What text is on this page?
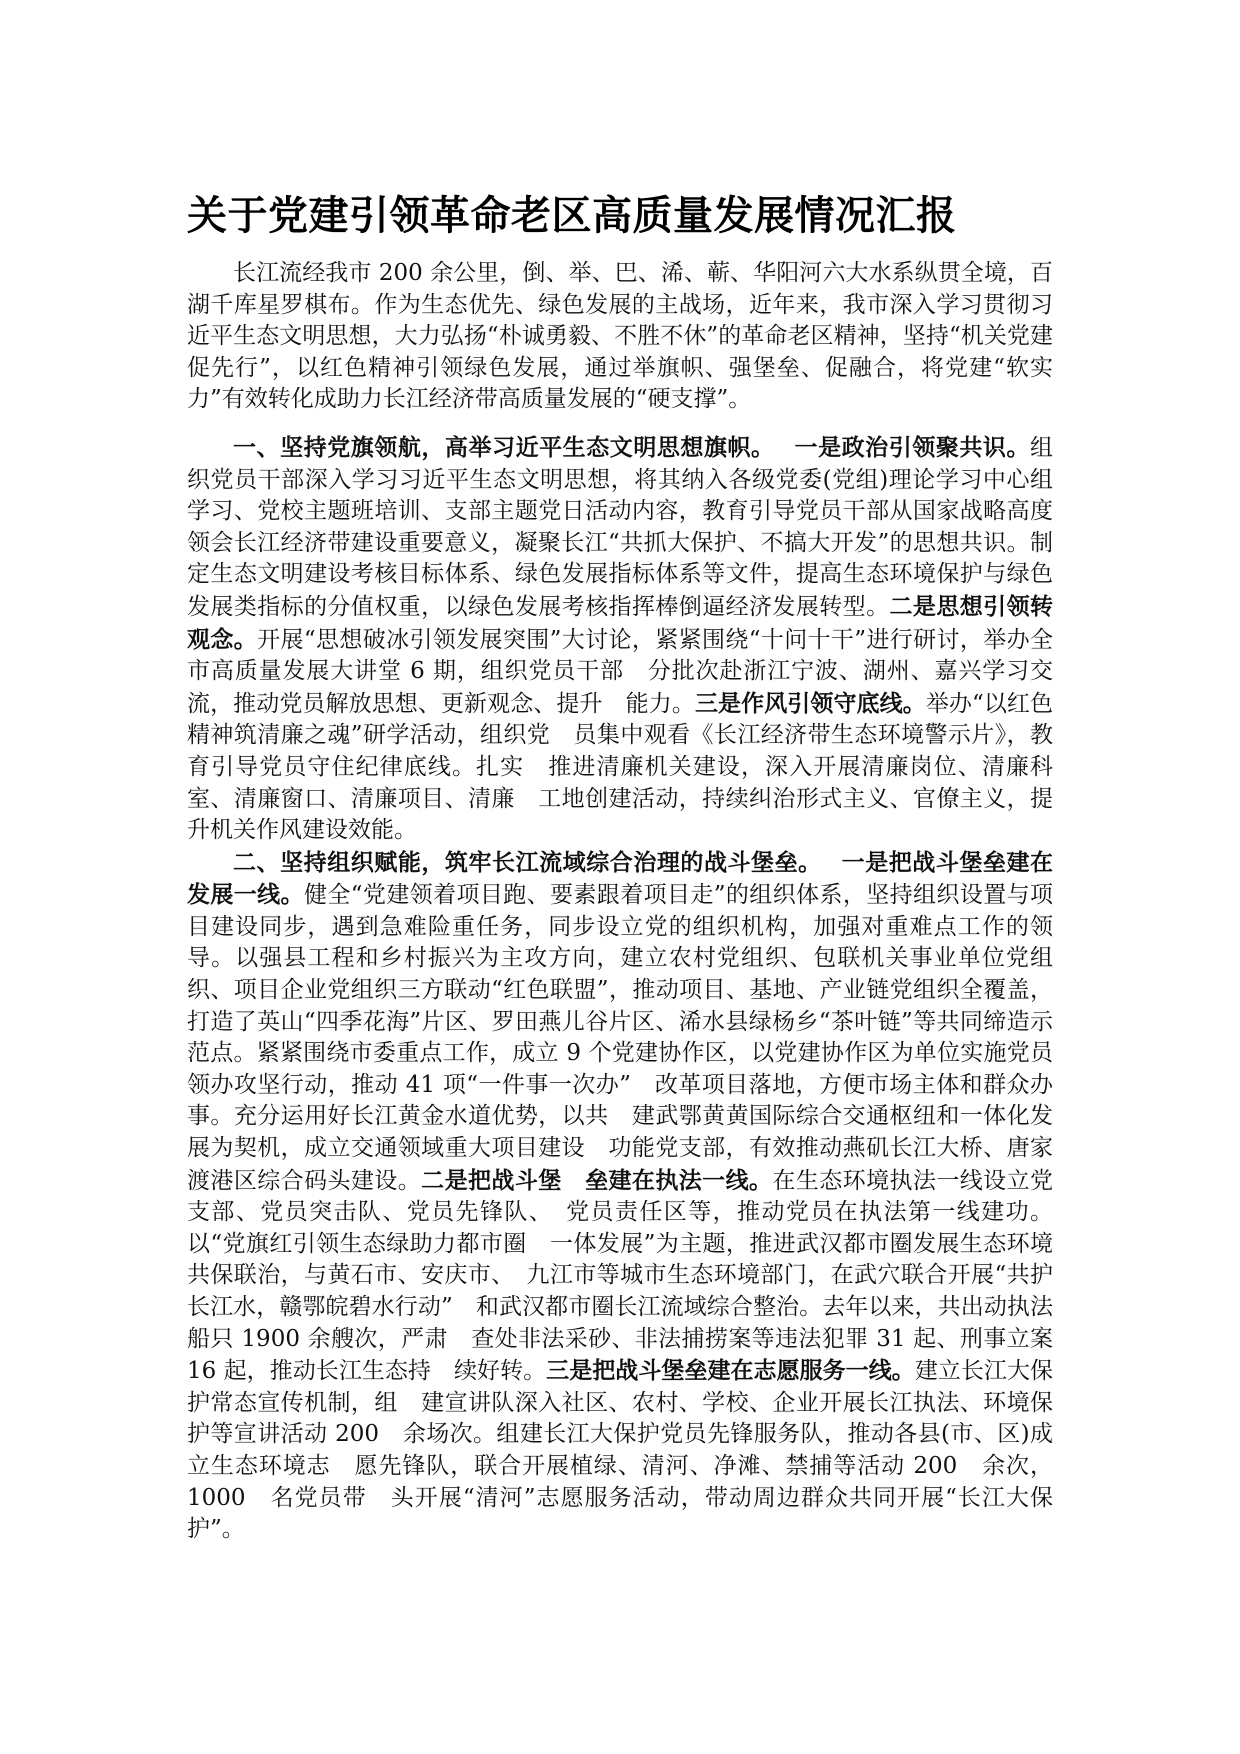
关于党建引领革命老区高质量发展情况汇报

长江流经我市 200 余公里，倒、举、巴、浠、蕲、华阳河六大水系纵贯全境，百湖千库星罗棋布。作为生态优先、绿色发展的主战场，近年来，我市深入学习贯彻习近平生态文明思想，大力弘扬“朴诚勇毅、不胜不休”的革命老区精神，坚持“机关党建促先行”，以红色精神引领绿色发展，通过举旗帜、强堡垒、促融合，将党建“软实力”有效转化成助力长江经济带高质量发展的“硬支撑”。

一、坚持党旗领航，高举习近平生态文明思想旗帜。　 一是政治引领聚共识。组织党员干部深入学习习近平生态文明思想，将其纳入各级党委(党组)理论学习中心组学习、党校主题班培训、支部主题党日活动内容，教育引导党员干部从国家战略高度领会长江经济带建设重要意义，凝聚长江“共抓大保护、不搞大开发”的思想共识。制定生态文明建设考核目标体系、绿色发展指标体系等文件，提高生态环境保护与绿色发展类指标的分值权重，以绿色发展考核指挥棒倒逼经济发展转型。二是思想引领转观念。开展“思想破冰引领发展突围”大讨论，紧紧围绕“十问十干”进行研讨，举办全市高质量发展大讲堂 6 期，组织党员干部　分批次赴浙江宁波、湖州、嘉兴学习交流，推动党员解放思想、更新观念、提升　能力。三是作风引领守底线。举办“以红色精神筑清廉之魂”研学活动，组织党　员集中观看《长江经济带生态环境警示片》，教育引导党员守住纪律底线。扎实　推进清廉机关建设，深入开展清廉岗位、清廉科室、清廉窗口、清廉项目、清廉　工地创建活动，持续纠治形式主义、官僚主义，提升机关作风建设效能。

二、坚持组织赋能，筑牢长江流域综合治理的战斗堡垒。　 一是把战斗堡垒建在发展一线。健全“党建领着项目跑、要素跟着项目走”的组织体系，坚持组织设置与项目建设同步，遇到急难险重任务，同步设立党的组织机构，加强对重难点工作的领导。以强县工程和乡村振兴为主攻方向，建立农村党组织、包联机关事业单位党组织、项目企业党组织三方联动“红色联盟”，推动项目、基地、产业链党组织全覆盖，打造了英山“四季花海”片区、罗田燕儿谷片区、浠水县绿杨乡“茶叶链”等共同缔造示范点。紧紧围绕市委重点工作，成立 9 个党建协作区，以党建协作区为单位实施党员领办攻坚行动，推动 41 项“一件事一次办”　改革项目落地，方便市场主体和群众办事。充分运用好长江黄金水道优势，以共　建武鄂黄黄国际综合交通枢纽和一体化发展为契机，成立交通领域重大项目建设　功能党支部，有效推动燕矶长江大桥、唐家渡港区综合码头建设。二是把战斗堡　垒建在执法一线。在生态环境执法一线设立党支部、党员突击队、党员先锋队、　党员责任区等，推动党员在执法第一线建功。以“党旗红引领生态绿助力都市圈　一体发展”为主题，推进武汉都市圈发展生态环境共保联治，与黄石市、安庆市、　九江市等城市生态环境部门，在武穴联合开展“共护长江水，赣鄂皖碧水行动”　和武汉都市圈长江流域综合整治。去年以来，共出动执法船只 1900 余艘次，严肃　查处非法采砂、非法捕捞案等违法犯罪 31 起、刑事立案 16 起，推动长江生态持　续好转。三是把战斗堡垒建在志愿服务一线。建立长江大保护常态宣传机制，组　建宣讲队深入社区、农村、学校、企业开展长江执法、环境保护等宣讲活动 200　余场次。组建长江大保护党员先锋服务队，推动各县(市、区)成立生态环境志　愿先锋队，联合开展植绿、清河、净滩、禁捕等活动 200　余次，1000　名党员带　头开展“清河”志愿服务活动，带动周边群众共同开展“长江大保护”。
